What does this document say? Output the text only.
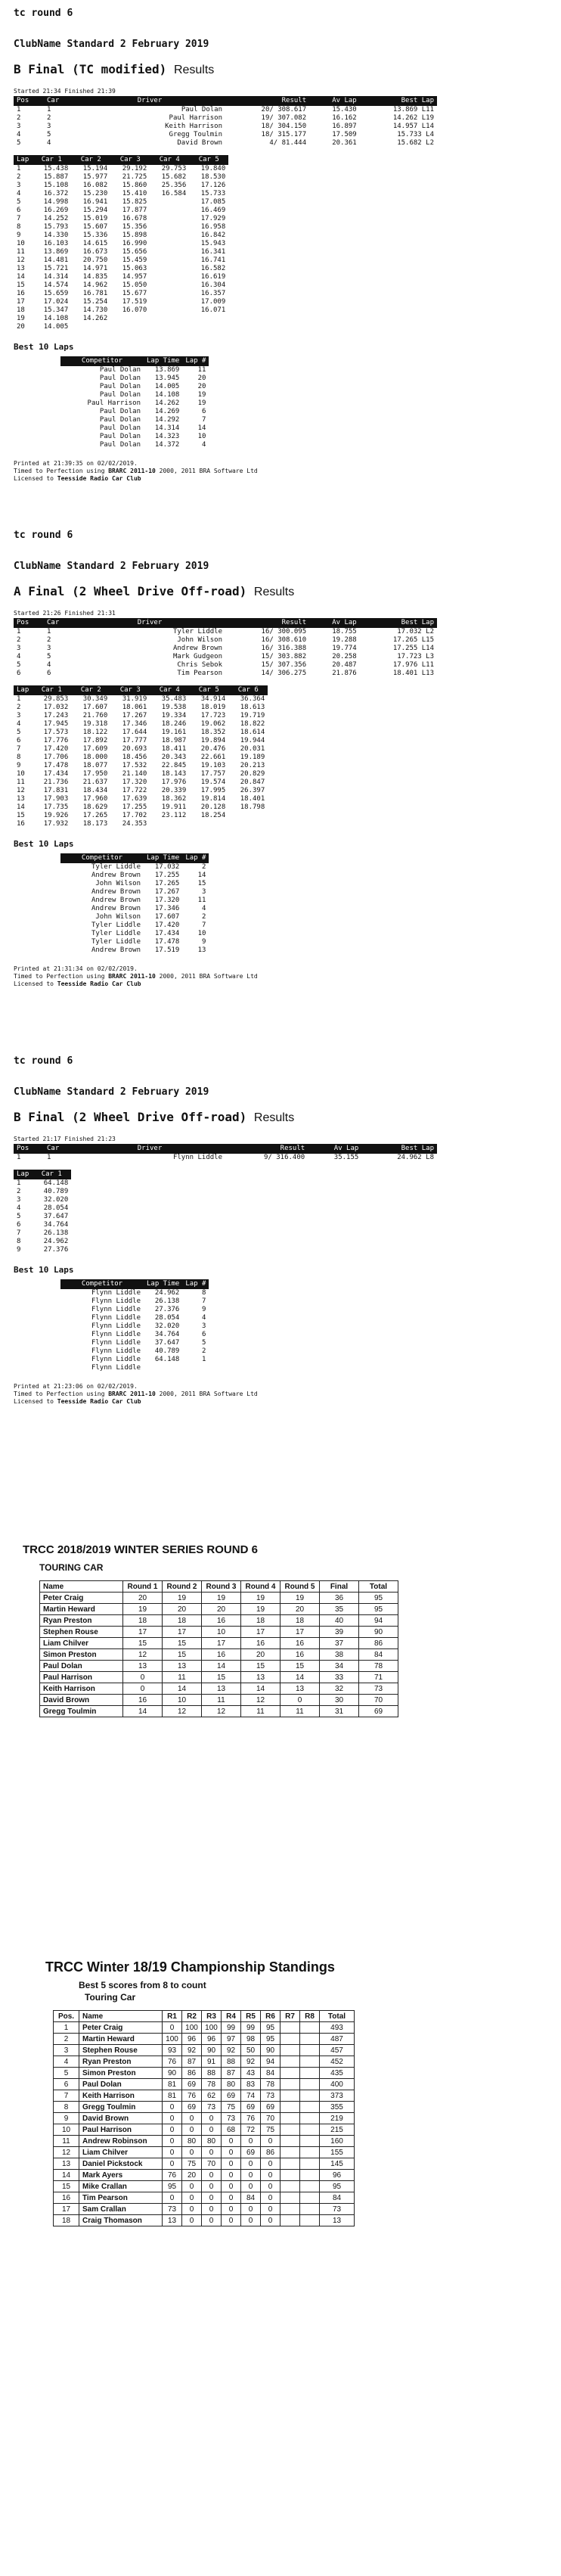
tc round 6
ClubName Standard 2 February 2019
B Final (TC modified) Results
Started 21:34 Finished 21:39
Pos	Car	Driver	Result	Av Lap	Best Lap
1	1	Paul Dolan	20/ 308.617	15.430	13.869 L11
2	2	Paul Harrison	19/ 307.082	16.162	14.262 L19
3	3	Keith Harrison	18/ 304.150	16.897	14.957 L14
4	5	Gregg Toulmin	18/ 315.177	17.509	15.733 L4
5	4	David Brown	4/ 81.444	20.361	15.682 L2
Lap	Car 1	Car 2	Car 3	Car 4	Car 5
1	15.438	15.194	29.192	29.753	19.840
2	15.887	15.977	21.725	15.682	18.530
3	15.108	16.082	15.860	25.356	17.126
4	16.372	15.230	15.410	16.584	15.733
5	14.998	16.941	15.825		17.085
6	16.269	15.294	17.877		16.469
7	14.252	15.019	16.678		17.929
8	15.793	15.607	15.356		16.958
9	14.330	15.336	15.898		16.842
10	16.103	14.615	16.990		15.943
11	13.869	16.673	15.656		16.341
12	14.481	20.750	15.459		16.741
13	15.721	14.971	15.063		16.582
14	14.314	14.835	14.957		16.619
15	14.574	14.962	15.050		16.304
16	15.659	16.781	15.677		16.357
17	17.024	15.254	17.519		17.009
18	15.347	14.730	16.070		16.071
19	14.108	14.262			
20	14.005				
Best 10 Laps
Competitor	Lap Time	Lap #
Paul Dolan	13.869	11
Paul Dolan	13.945	20
Paul Dolan	14.005	20
Paul Dolan	14.108	19
Paul Harrison	14.262	19
Paul Dolan	14.269	6
Paul Dolan	14.292	7
Paul Dolan	14.314	14
Paul Dolan	14.323	10
Paul Dolan	14.372	4
Printed at 21:39:35 on 02/02/2019.
Timed to Perfection using BRARC 2011-10 2000, 2011 BRA Software Ltd
Licensed to Teesside Radio Car Club
tc round 6
ClubName Standard 2 February 2019
A Final (2 Wheel Drive Off-road) Results
Started 21:26 Finished 21:31
Pos	Car	Driver	Result	Av Lap	Best Lap
1	1	Tyler Liddle	16/ 300.095	18.755	17.032 L2
2	2	John Wilson	16/ 308.610	19.288	17.265 L15
3	3	Andrew Brown	16/ 316.388	19.774	17.255 L14
4	5	Mark Gudgeon	15/ 303.882	20.258	17.723 L3
5	4	Chris Sebok	15/ 307.356	20.487	17.976 L11
6	6	Tim Pearson	14/ 306.275	21.876	18.401 L13
Lap	Car 1	Car 2	Car 3	Car 4	Car 5	Car 6
1	29.853	30.349	31.919	35.483	34.914	36.364
2	17.032	17.607	18.061	19.538	18.019	18.613
3	17.243	21.760	17.267	19.334	17.723	19.719
4	17.945	19.318	17.346	18.246	19.062	18.822
5	17.573	18.122	17.644	19.161	18.352	18.614
6	17.776	17.892	17.777	18.987	19.894	19.944
7	17.420	17.609	20.693	18.411	20.476	20.031
8	17.706	18.000	18.456	20.343	22.661	19.189
9	17.478	18.077	17.532	22.845	19.103	20.213
10	17.434	17.950	21.140	18.143	17.757	20.829
11	21.736	21.637	17.320	17.976	19.574	20.847
12	17.831	18.434	17.722	20.339	17.995	26.397
13	17.903	17.960	17.639	18.362	19.814	18.401
14	17.735	18.629	17.255	19.911	20.128	18.798
15	19.926	17.265	17.702	23.112	18.254	
16	17.932	18.173	24.353			
Best 10 Laps
Competitor	Lap Time	Lap #
Tyler Liddle	17.032	2
Andrew Brown	17.255	14
John Wilson	17.265	15
Andrew Brown	17.267	3
Andrew Brown	17.320	11
Andrew Brown	17.346	4
John Wilson	17.607	2
Tyler Liddle	17.420	7
Tyler Liddle	17.434	10
Tyler Liddle	17.478	9
Andrew Brown	17.519	13
Printed at 21:31:34 on 02/02/2019.
Timed to Perfection using BRARC 2011-10 2000, 2011 BRA Software Ltd
Licensed to Teesside Radio Car Club
tc round 6
ClubName Standard 2 February 2019
B Final (2 Wheel Drive Off-road) Results
Started 21:17 Finished 21:23
Pos	Car	Driver	Result	Av Lap	Best Lap
1	1	Flynn Liddle	9/ 316.400	35.155	24.962 L8
Lap	Car 1
1	64.148
2	40.789
3	32.020
4	28.054
5	37.647
6	34.764
7	26.138
8	24.962
9	27.376
Best 10 Laps
Competitor	Lap Time	Lap #
Flynn Liddle	24.962	8
Flynn Liddle	26.138	7
Flynn Liddle	27.376	9
Flynn Liddle	28.054	4
Flynn Liddle	32.020	3
Flynn Liddle	34.764	6
Flynn Liddle	37.647	5
Flynn Liddle	40.789	2
Flynn Liddle	64.148	1
Flynn Liddle		
Printed at 21:23:06 on 02/02/2019.
Timed to Perfection using BRARC 2011-10 2000, 2011 BRA Software Ltd
Licensed to Teesside Radio Car Club
TRCC 2018/2019 WINTER SERIES ROUND 6
TOURING CAR
Name	Round 1	Round 2	Round 3	Round 4	Round 5	Final	Total
Peter Craig	20	19	19	19	19	36	95
Martin Heward	19	20	20	19	20	35	95
Ryan Preston	18	18	16	18	18	40	94
Stephen Rouse	17	17	10	17	17	39	90
Liam Chilver	15	15	17	16	16	37	86
Simon Preston	12	15	16	20	16	38	84
Paul Dolan	13	13	14	15	15	34	78
Paul Harrison	0	11	15	13	14	33	71
Keith Harrison	0	14	13	14	13	32	73
David Brown	16	10	11	12	0	30	70
Gregg Toulmin	14	12	12	11	11	31	69
TRCC Winter 18/19 Championship Standings
Best 5 scores from 8 to count
Touring Car
Pos.	Name	R1	R2	R3	R4	R5	R6	R7	R8	Total
1	Peter Craig	0	100	100	99	99	95			493
2	Martin Heward	100	96	96	97	98	95			487
3	Stephen Rouse	93	92	90	92	50	90			457
4	Ryan Preston	76	87	91	88	92	94			452
5	Simon Preston	90	86	88	87	43	84			435
6	Paul Dolan	81	69	78	80	83	78			400
7	Keith Harrison	81	76	62	69	74	73			373
8	Gregg Toulmin	0	69	73	75	69	69			355
9	David Brown	0	0	0	73	76	70			219
10	Paul Harrison	0	0	0	68	72	75			215
11	Andrew Robinson	0	80	80	0	0	0			160
12	Liam Chilver	0	0	0	0	69	86			155
13	Daniel Pickstock	0	75	70	0	0	0			145
14	Mark Ayers	76	20	0	0	0	0			96
15	Mike Crallan	95	0	0	0	0	0			95
16	Tim Pearson	0	0	0	0	84	0			84
17	Sam Crallan	73	0	0	0	0	0			73
18	Craig Thomason	13	0	0	0	0	0			13
